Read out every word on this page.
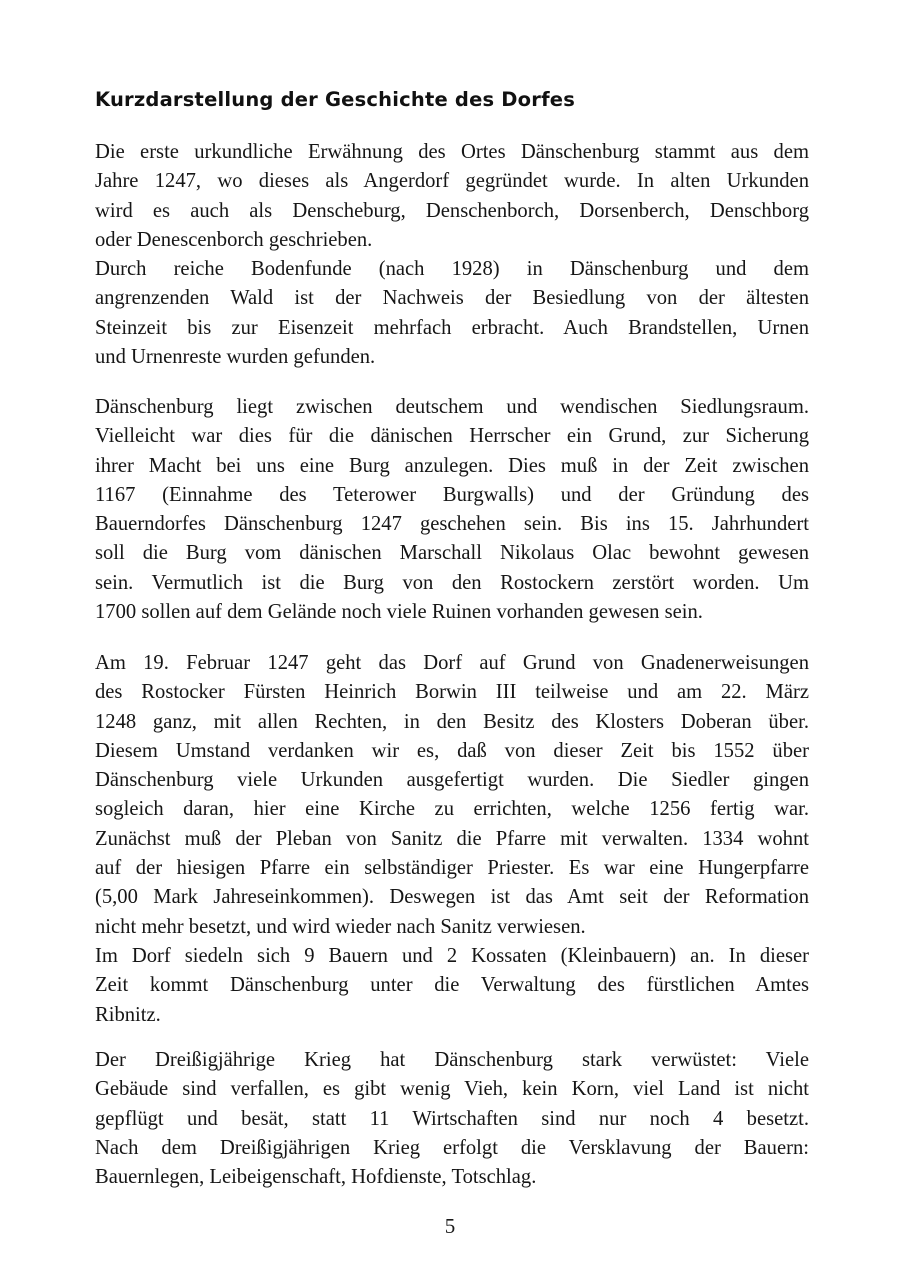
Kurzdarstellung der Geschichte des Dorfes

Die erste urkundliche Erwähnung des Ortes Dänschenburg stammt aus dem
Jahre 1247, wo dieses als Angerdorf gegründet wurde. In alten Urkunden
wird es auch als Denscheburg, Denschenborch, Dorsenberch, Denschborg
oder Denescenborch geschrieben.
Durch reiche Bodenfunde (nach 1928) in Dänschenburg und dem
angrenzenden Wald ist der Nachweis der Besiedlung von der ältesten
Steinzeit bis zur Eisenzeit mehrfach erbracht. Auch Brandstellen, Urnen
und Urnenreste wurden gefunden.

Dänschenburg liegt zwischen deutschem und wendischen Siedlungsraum.
Vielleicht war dies für die dänischen Herrscher ein Grund, zur Sicherung
ihrer Macht bei uns eine Burg anzulegen. Dies muß in der Zeit zwischen
1167 (Einnahme des Teterower Burgwalls) und der Gründung des
Bauerndorfes Dänschenburg 1247 geschehen sein. Bis ins 15. Jahrhundert
soll die Burg vom dänischen Marschall Nikolaus Olac bewohnt gewesen
sein. Vermutlich ist die Burg von den Rostockern zerstört worden. Um
1700 sollen auf dem Gelände noch viele Ruinen vorhanden gewesen sein.

Am 19. Februar 1247 geht das Dorf auf Grund von Gnadenerweisungen
des Rostocker Fürsten Heinrich Borwin III teilweise und am 22. März
1248 ganz, mit allen Rechten, in den Besitz des Klosters Doberan über.
Diesem Umstand verdanken wir es, daß von dieser Zeit bis 1552 über
Dänschenburg viele Urkunden ausgefertigt wurden. Die Siedler gingen
sogleich daran, hier eine Kirche zu errichten, welche 1256 fertig war.
Zunächst muß der Pleban von Sanitz die Pfarre mit verwalten. 1334 wohnt
auf der hiesigen Pfarre ein selbständiger Priester. Es war eine Hungerpfarre
(5,00 Mark Jahreseinkommen). Deswegen ist das Amt seit der Reformation
nicht mehr besetzt, und wird wieder nach Sanitz verwiesen.
Im Dorf siedeln sich 9 Bauern und 2 Kossaten (Kleinbauern) an. In dieser
Zeit kommt Dänschenburg unter die Verwaltung des fürstlichen Amtes
Ribnitz.

Der Dreißigjährige Krieg hat Dänschenburg stark verwüstet: Viele
Gebäude sind verfallen, es gibt wenig Vieh, kein Korn, viel Land ist nicht
gepflügt und besät, statt 11 Wirtschaften sind nur noch 4 besetzt.
Nach dem Dreißigjährigen Krieg erfolgt die Versklavung der Bauern:
Bauernlegen, Leibeigenschaft, Hofdienste, Totschlag.

5
